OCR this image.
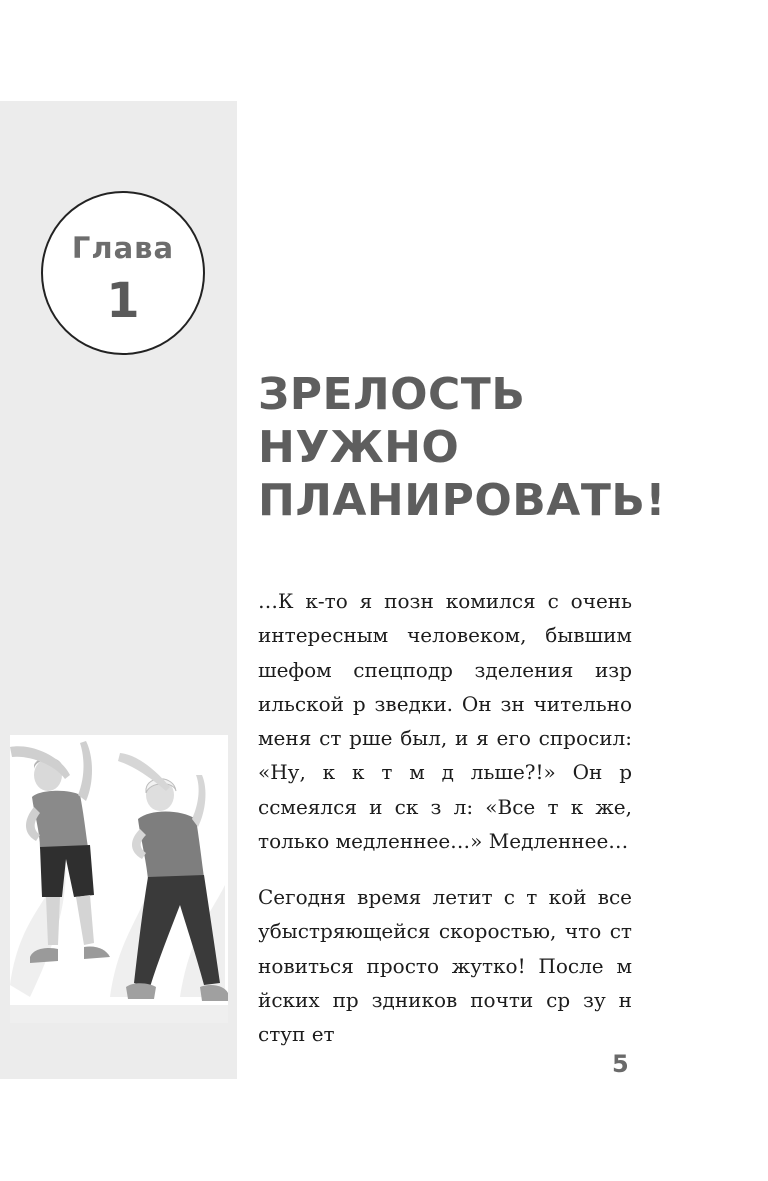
Глава
1
ЗРЕЛОСТЬ
НУЖНО
ПЛАНИРОВАТЬ!

…К к-то я позн комился с очень интересным человеком, бывшим шефом спецподр зделения изр ильской р зведки. Он зн чительно меня ст рше был, и я его спросил: «Ну, к к т м д льше?!» Он р ссмеялся и ск з л: «Все т к же, только медленнее…» Медленнее…

Сегодня время летит с т кой все убыстряющейся скоростью, что ст новиться просто жутко! После м йских пр здников почти ср зу н ступ ет

5
